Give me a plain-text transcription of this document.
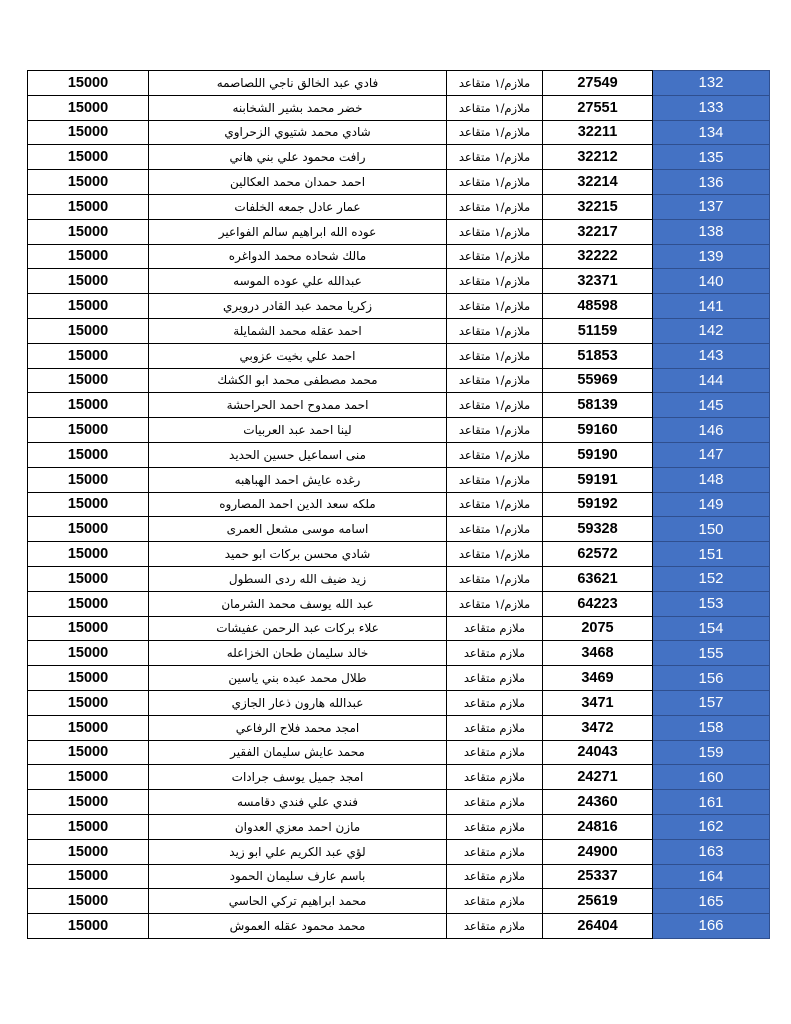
15000	فادي عبد الخالق ناجي اللصاصمه	ملازم/١ متقاعد	27549	132
15000	خضر محمد بشير الشخابنه	ملازم/١ متقاعد	27551	133
15000	شادي محمد شتيوي الزحراوي	ملازم/١ متقاعد	32211	134
15000	رافت محمود علي بني هاني	ملازم/١ متقاعد	32212	135
15000	احمد حمدان محمد العكالين	ملازم/١ متقاعد	32214	136
15000	عمار عادل جمعه الخلفات	ملازم/١ متقاعد	32215	137
15000	عوده الله ابراهيم سالم الفواعير	ملازم/١ متقاعد	32217	138
15000	مالك شحاده محمد الدواغره	ملازم/١ متقاعد	32222	139
15000	عبدالله علي عوده الموسه	ملازم/١ متقاعد	32371	140
15000	زكريا محمد عبد القادر درويري	ملازم/١ متقاعد	48598	141
15000	احمد عقله محمد الشمايلة	ملازم/١ متقاعد	51159	142
15000	احمد علي بخيت عزوبي	ملازم/١ متقاعد	51853	143
15000	محمد مصطفى محمد ابو الكشك	ملازم/١ متقاعد	55969	144
15000	احمد ممدوح احمد الحراحشة	ملازم/١ متقاعد	58139	145
15000	لينا احمد عبد العربيات	ملازم/١ متقاعد	59160	146
15000	منى اسماعيل حسين الحديد	ملازم/١ متقاعد	59190	147
15000	رغده عايش احمد الهباهبه	ملازم/١ متقاعد	59191	148
15000	ملكه سعد الدين احمد المصاروه	ملازم/١ متقاعد	59192	149
15000	اسامه موسى مشعل العمرى	ملازم/١ متقاعد	59328	150
15000	شادي محسن بركات ابو حميد	ملازم/١ متقاعد	62572	151
15000	زيد ضيف الله ردى السطول	ملازم/١ متقاعد	63621	152
15000	عبد الله يوسف محمد الشرمان	ملازم/١ متقاعد	64223	153
15000	علاء بركات عبد الرحمن عفيشات	ملازم متقاعد	2075	154
15000	خالد سليمان طحان الخزاعله	ملازم متقاعد	3468	155
15000	طلال محمد عبده بني ياسين	ملازم متقاعد	3469	156
15000	عبدالله هارون ذعار الجازي	ملازم متقاعد	3471	157
15000	امجد محمد فلاح الرفاعي	ملازم متقاعد	3472	158
15000	محمد عايش سليمان الفقير	ملازم متقاعد	24043	159
15000	امجد جميل يوسف جرادات	ملازم متقاعد	24271	160
15000	فندي علي فندي دقامسه	ملازم متقاعد	24360	161
15000	مازن احمد معزي العدوان	ملازم متقاعد	24816	162
15000	لؤي عبد الكريم علي ابو زيد	ملازم متقاعد	24900	163
15000	باسم عارف سليمان الحمود	ملازم متقاعد	25337	164
15000	محمد ابراهيم تركي الحاسي	ملازم متقاعد	25619	165
15000	محمد محمود عقله العموش	ملازم متقاعد	26404	166
